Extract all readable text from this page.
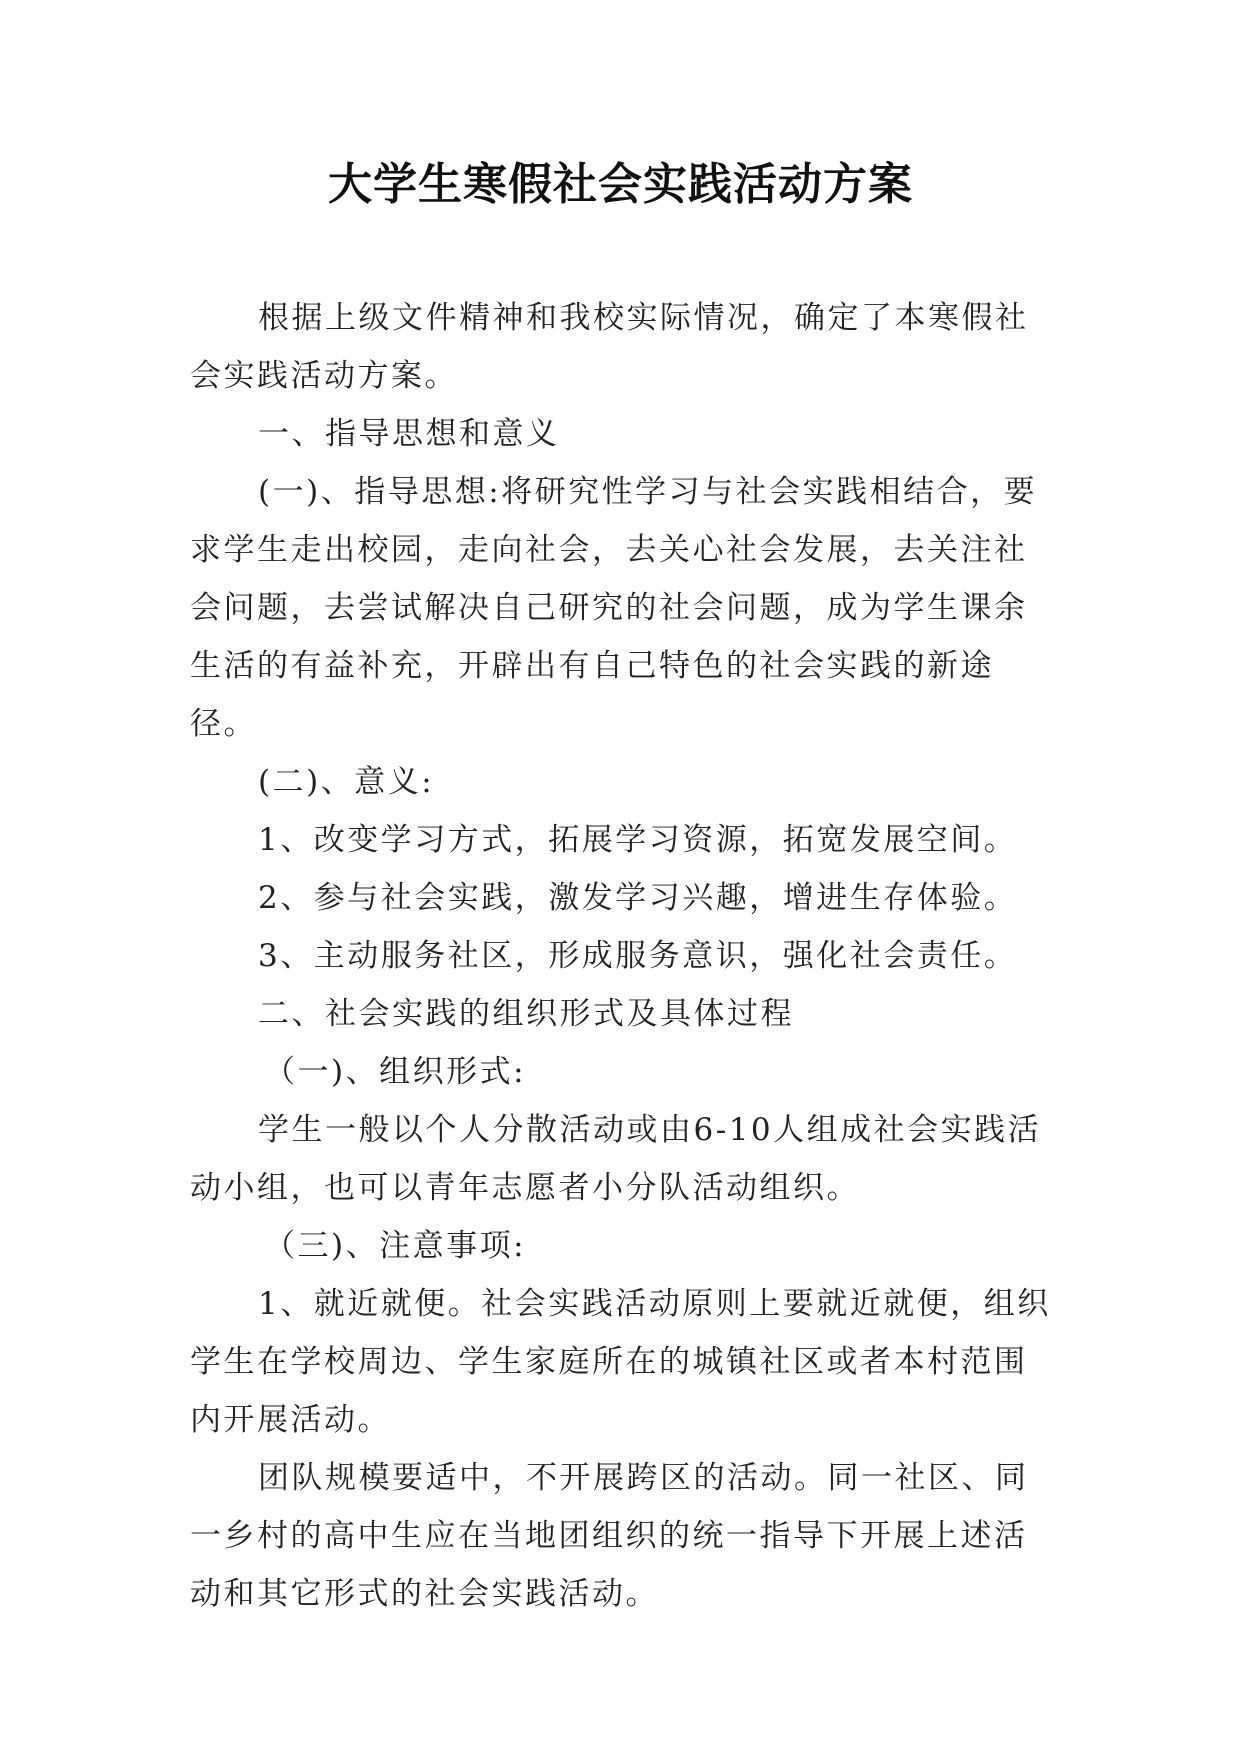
大学生寒假社会实践活动方案

根据上级文件精神和我校实际情况，确定了本寒假社会实践活动方案。

一、指导思想和意义

(一)、指导思想:将研究性学习与社会实践相结合，要求学生走出校园，走向社会，去关心社会发展，去关注社会问题，去尝试解决自己研究的社会问题，成为学生课余生活的有益补充，开辟出有自己特色的社会实践的新途径。

(二)、意义:

1、改变学习方式，拓展学习资源，拓宽发展空间。

2、参与社会实践，激发学习兴趣，增进生存体验。

3、主动服务社区，形成服务意识，强化社会责任。

二、社会实践的组织形式及具体过程

（一)、组织形式:

学生一般以个人分散活动或由6-10人组成社会实践活动小组，也可以青年志愿者小分队活动组织。

（三)、注意事项:

1、就近就便。社会实践活动原则上要就近就便，组织学生在学校周边、学生家庭所在的城镇社区或者本村范围内开展活动。

团队规模要适中，不开展跨区的活动。同一社区、同一乡村的高中生应在当地团组织的统一指导下开展上述活动和其它形式的社会实践活动。
